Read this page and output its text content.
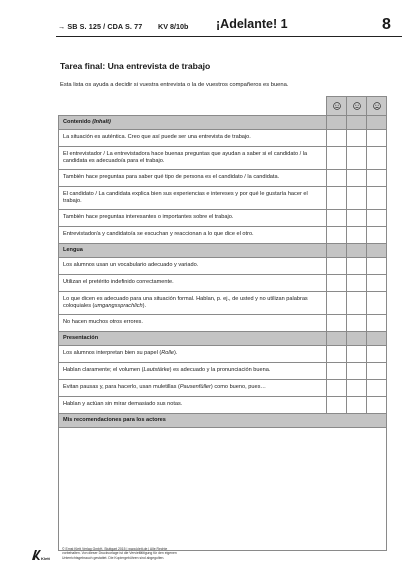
→ SB S. 125 / CDA S. 77 KV 8/10b ¡Adelante! 1	8
Tarea final: Una entrevista de trabajo
Esta lista os ayuda a decidir si vuestra entrevista o la de vuestros compañeros es buena.

Contenido (Inhalt)			
La situación es auténtica. Creo que así puede ser una entrevista de trabajo.			
El entrevistador / La entrevistadora hace buenas preguntas que ayudan a saber si el candidato / la candidata es adecuado/a para el trabajo.			
También hace preguntas para saber qué tipo de persona es el candidato / la candidata.			
El candidato / La candidata explica bien sus experiencias e intereses y por qué le gustaría hacer el trabajo.			
También hace preguntas interesantes o importantes sobre el trabajo.			
Entrevistador/a y candidato/a se escuchan y reaccionan a lo que dice el otro.			
Lengua			
Los alumnos usan un vocabulario adecuado y variado.			
Utilizan el pretérito indefinido correctamente.			
Lo que dicen es adecuado para una situación formal. Hablan, p. ej., de usted y no utilizan palabras coloquiales (umgangssprachlich).			
No hacen muchos otros errores.			
Presentación			
Los alumnos interpretan bien su papel (Rolle).			
Hablan claramente; el volumen (Lautstärke) es adecuado y la pronunciación buena.			
Evitan pausas y, para hacerlo, usan muletillas (Pausenfüller) como bueno, pues…			
Hablan y actúan sin mirar demasiado sus notas.			
Mis recomendaciones para los actores			

Klett
© Ernst Klett Verlag GmbH, Stuttgart 2015 | www.klett.de | Alle Rechte
vorbehalten. Von dieser Druckvorlage ist die Vervielfältigung für den eigenen
Unterrichtsgebrauch gestattet. Die Kopiergebühren sind abgegolten.
